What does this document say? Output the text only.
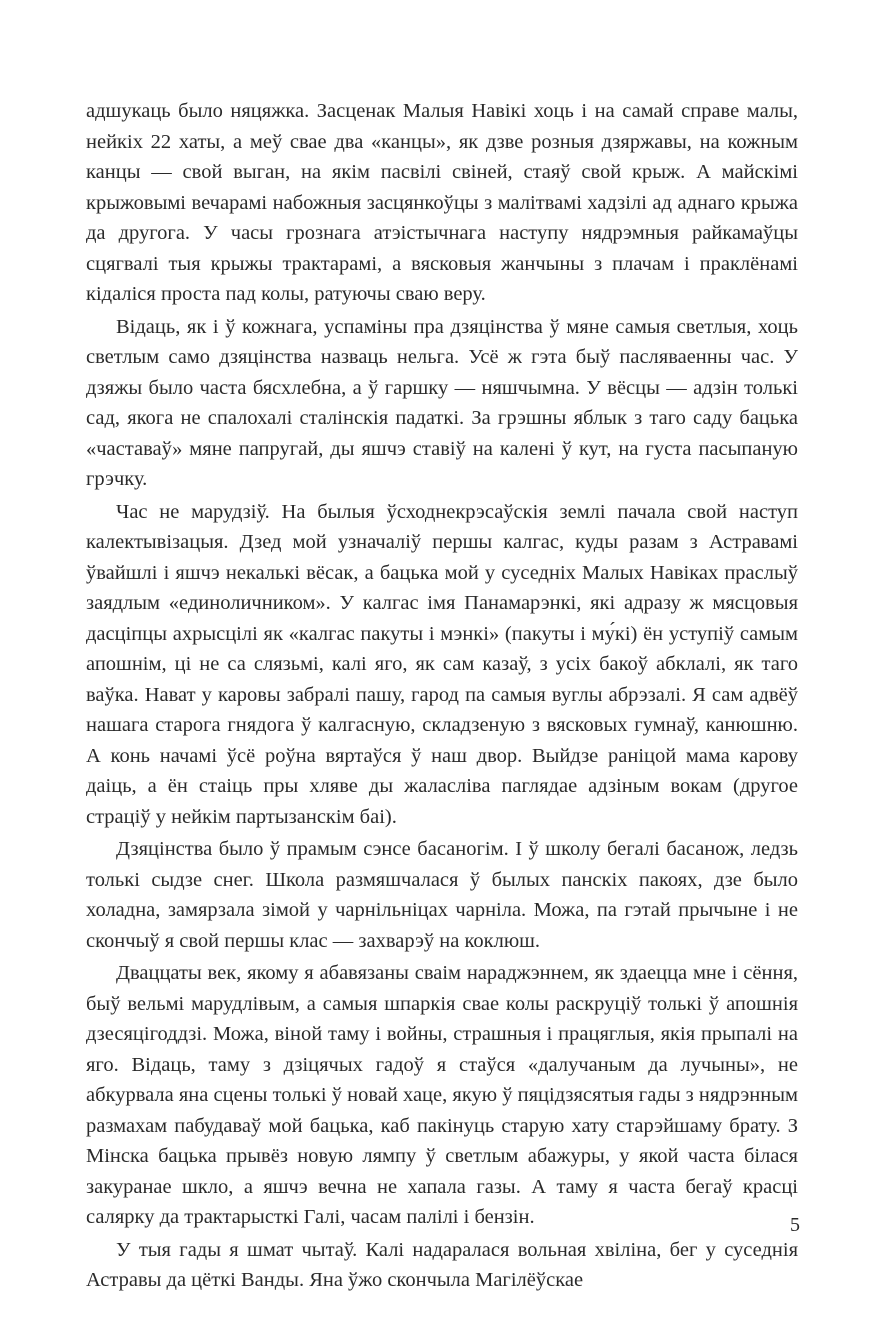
адшукаць было няцяжка. Засценак Малыя Навікі хоць і на самай справе малы, нейкіх 22 хаты, а меў свае два «канцы», як дзве розныя дзяржавы, на кожным канцы — свой выган, на якім пасвілі свіней, стаяў свой крыж. А майскімі крыжовымі вечарамі набожныя засцянкоўцы з малітвамі хадзілі ад аднаго крыжа да другога. У часы грознага атэістычнага наступу нядрэмныя райкамаўцы сцягвалі тыя крыжы трактарамі, а вясковыя жанчыны з плачам і праклёнамі кідаліся проста пад колы, ратуючы сваю веру.

Відаць, як і ў кожнага, успаміны пра дзяцінства ў мяне самыя светлыя, хоць светлым само дзяцінства назваць нельга. Усё ж гэта быў пасляваенны час. У дзяжы было часта бясхлебна, а ў гаршку — няшчымна. У вёсцы — адзін толькі сад, якога не спалохалі сталінскія падаткі. За грэшны яблык з таго саду бацька «частаваў» мяне папругай, ды яшчэ ставіў на калені ў кут, на густа пасыпаную грэчку.

Час не марудзіў. На былыя ўсходнекрэсаўскія землі пачала свой наступ калектывізацыя. Дзед мой узначаліў першы калгас, куды разам з Астравамі ўвайшлі і яшчэ некалькі вёсак, а бацька мой у суседніх Малых Навіках праслыў заядлым «единоличником». У калгас імя Панамарэнкі, які адразу ж мясцовыя дасціпцы ахрысцілі як «калгас пакуты і мэнкі» (пакуты і му́кі) ён уступіў самым апошнім, ці не са слязьмі, калі яго, як сам казаў, з усіх бакоў абклалі, як таго ваўка. Нават у каровы забралі пашу, гарод па самыя вуглы абрэзалі. Я сам адвёў нашага старога гнядога ў калгасную, складзеную з вясковых гумнаў, канюшню. А конь начамі ўсё роўна вяртаўся ў наш двор. Выйдзе раніцой мама карову даіць, а ён стаіць пры хляве ды жаласліва паглядае адзіным вокам (другое страціў у нейкім партызанскім баі).

Дзяцінства было ў прамым сэнсе басаногім. І ў школу бегалі басанож, ледзь толькі сыдзе снег. Школа размяшчалася ў былых панскіх пакоях, дзе было холадна, замярзала зімой у чарнільніцах чарніла. Можа, па гэтай прычыне і не скончыў я свой першы клас — захварэў на коклюш.

Дваццаты век, якому я абавязаны сваім нараджэннем, як здаецца мне і сёння, быў вельмі марудлівым, а самыя шпаркія свае колы раскруціў толькі ў апошнія дзесяцігоддзі. Можа, віной таму і войны, страшныя і працяглыя, якія прыпалі на яго. Відаць, таму з дзіцячых гадоў я стаўся «далучаным да лучыны», не абкурвала яна сцены толькі ў новай хаце, якую ў пяцідзясятыя гады з нядрэнным размахам пабудаваў мой бацька, каб пакінуць старую хату старэйшаму брату. З Мінска бацька прывёз новую лямпу ў светлым абажуры, у якой часта білася закуранае шкло, а яшчэ вечна не хапала газы. А таму я часта бегаў красці салярку да трактарысткі Галі, часам палілі і бензін.

У тыя гады я шмат чытаў. Калі надаралася вольная хвіліна, бег у суседнія Астравы да цёткі Ванды. Яна ўжо скончыла Магілёўскае

5
